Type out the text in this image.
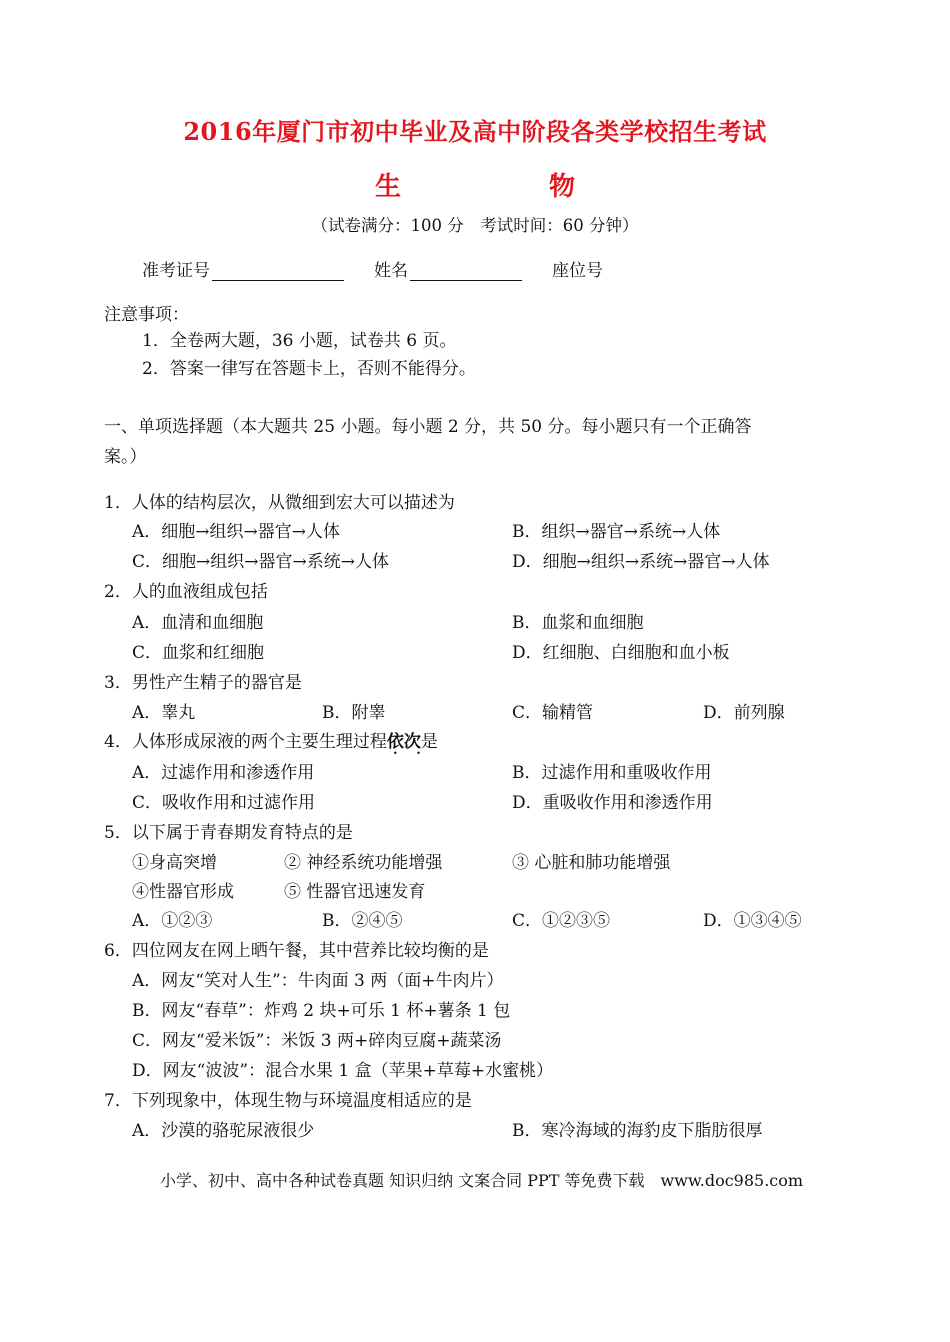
2016年厦门市初中毕业及高中阶段各类学校招生考试
生	物
（试卷满分：100 分　考试时间：60 分钟）
准考证号	姓名	座位号
注意事项：
1．全卷两大题，36 小题，试卷共 6 页。
2．答案一律写在答题卡上，否则不能得分。
一、单项选择题（本大题共 25 小题。每小题 2 分，共 50 分。每小题只有一个正确答
案。）
1．人体的结构层次，从微细到宏大可以描述为
A．细胞→组织→器官→人体	B．组织→器官→系统→人体
C．细胞→组织→器官→系统→人体	D．细胞→组织→系统→器官→人体
2．人的血液组成包括
A．血清和血细胞	B．血浆和血细胞
C．血浆和红细胞	D．红细胞、白细胞和血小板
3．男性产生精子的器官是
A．睾丸	B．附睾	C．输精管	D．前列腺
4．人体形成尿液的两个主要生理过程依次 • •是
A．过滤作用和渗透作用	B．过滤作用和重吸收作用
C．吸收作用和过滤作用	D．重吸收作用和渗透作用
5．以下属于青春期发育特点的是
①身高突增	② 神经系统功能增强	③ 心脏和肺功能增强
④性器官形成	⑤ 性器官迅速发育
A．①②③	B．②④⑤	C．①②③⑤	D．①③④⑤
6．四位网友在网上晒午餐，其中营养比较均衡的是
A．网友“笑对人生”：牛肉面 3 两（面+牛肉片）
B．网友“春草”：炸鸡 2 块+可乐 1 杯+薯条 1 包
C．网友“爱米饭”：米饭 3 两+碎肉豆腐+蔬菜汤
D．网友“波波”：混合水果 1 盒（苹果+草莓+水蜜桃）
7．下列现象中，体现生物与环境温度相适应的是
A．沙漠的骆驼尿液很少	B．寒冷海域的海豹皮下脂肪很厚
小学、初中、高中各种试卷真题 知识归纳 文案合同 PPT 等免费下载　www.doc985.com
